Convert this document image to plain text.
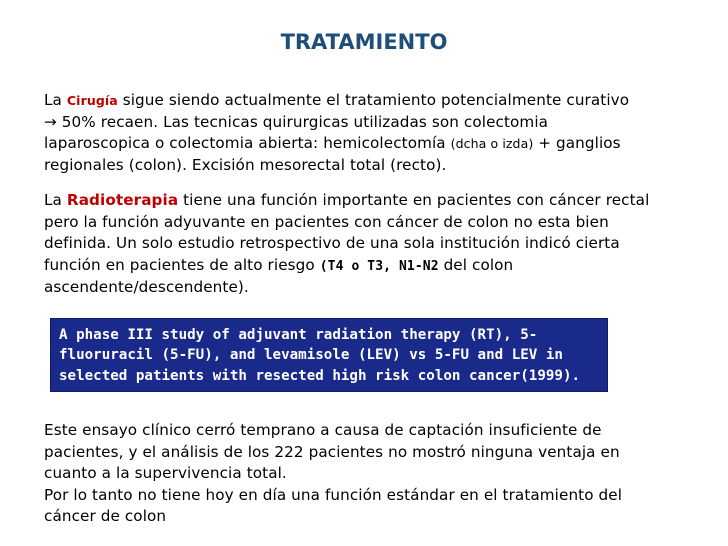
TRATAMIENTO
La Cirugía sigue siendo actualmente el tratamiento potencialmente curativo
→ 50% recaen. Las tecnicas quirurgicas utilizadas son colectomia
laparoscopica o colectomia abierta: hemicolectomía (dcha o izda) + ganglios
regionales (colon). Excisión mesorectal total (recto).
La Radioterapia tiene una función importante en pacientes con cáncer rectal
pero la función adyuvante en pacientes con cáncer de colon no esta bien
definida. Un solo estudio retrospectivo de una sola institución indicó cierta
función en pacientes de alto riesgo (T4 o T3, N1-N2 del colon
ascendente/descendente).
A phase III study of adjuvant radiation therapy (RT), 5-
fluoruracil (5-FU), and levamisole (LEV) vs 5-FU and LEV in
selected patients with resected high risk colon cancer(1999).
Este ensayo clínico cerró temprano a causa de captación insuficiente de
pacientes, y el análisis de los 222 pacientes no mostró ninguna ventaja en
cuanto a la supervivencia total.
Por lo tanto no tiene hoy en día una función estándar en el tratamiento del
cáncer de colon
